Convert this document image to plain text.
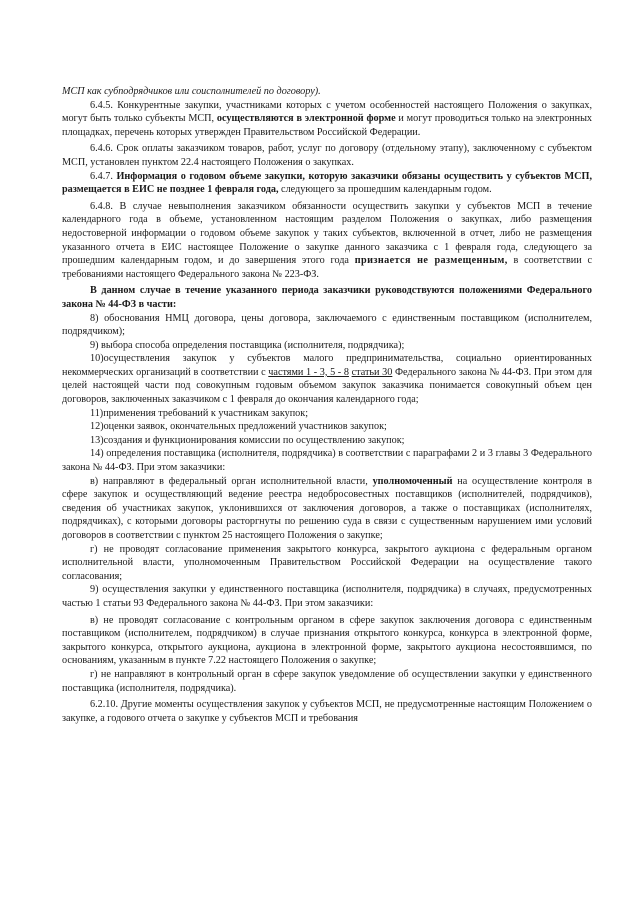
МСП как субподрядчиков или соисполнителей по договору).

6.4.5. Конкурентные закупки, участниками которых с учетом особенностей настоящего Положения о закупках, могут быть только субъекты МСП, осуществляются в электронной форме и могут проводиться только на электронных площадках, перечень которых утвержден Правительством Российской Федерации.

6.4.6. Срок оплаты заказчиком товаров, работ, услуг по договору (отдельному этапу), заключенному с субъектом МСП, установлен пунктом 22.4 настоящего Положения о закупках.

6.4.7. Информация о годовом объеме закупки, которую заказчики обязаны осуществить у субъектов МСП, размещается в ЕИС не позднее 1 февраля года, следующего за прошедшим календарным годом.

6.4.8. В случае невыполнения заказчиком обязанности осуществить закупки у субъектов МСП в течение календарного года в объеме, установленном настоящим разделом Положения о закупках, либо размещения недостоверной информации о годовом объеме закупок у таких субъектов, включенной в отчет, либо не размещения указанного отчета в ЕИС настоящее Положение о закупке данного заказчика с 1 февраля года, следующего за прошедшим календарным годом, и до завершения этого года признается не размещенным, в соответствии с требованиями настоящего Федерального закона № 223-ФЗ.

В данном случае в течение указанного периода заказчики руководствуются положениями Федерального закона № 44-ФЗ в части:

8) обоснования НМЦ договора, цены договора, заключаемого с единственным поставщиком (исполнителем, подрядчиком);

9) выбора способа определения поставщика (исполнителя, подрядчика);

10)осуществления закупок у субъектов малого предпринимательства, социально ориентированных некоммерческих организаций в соответствии с частями 1 - 3, 5 - 8 статьи 30 Федерального закона № 44-ФЗ. При этом для целей настоящей части под совокупным годовым объемом закупок заказчика понимается совокупный объем цен договоров, заключенных заказчиком с 1 февраля до окончания календарного года;

11)применения требований к участникам закупок;

12)оценки заявок, окончательных предложений участников закупок;

13)создания и функционирования комиссии по осуществлению закупок;

14) определения поставщика (исполнителя, подрядчика) в соответствии с параграфами 2 и 3 главы 3 Федерального закона № 44-ФЗ. При этом заказчики:

в) направляют в федеральный орган исполнительной власти, уполномоченный на осуществление контроля в сфере закупок и осуществляющий ведение реестра недобросовестных поставщиков (исполнителей, подрядчиков), сведения об участниках закупок, уклонившихся от заключения договоров, а также о поставщиках (исполнителях, подрядчиках), с которыми договоры расторгнуты по решению суда в связи с существенным нарушением ими условий договоров в соответствии с пунктом 25 настоящего Положения о закупке;

г) не проводят согласование применения закрытого конкурса, закрытого аукциона с федеральным органом исполнительной власти, уполномоченным Правительством Российской Федерации на осуществление такого согласования;

9) осуществления закупки у единственного поставщика (исполнителя, подрядчика) в случаях, предусмотренных частью 1 статьи 93 Федерального закона № 44-ФЗ. При этом заказчики:

в) не проводят согласование с контрольным органом в сфере закупок заключения договора с единственным поставщиком (исполнителем, подрядчиком) в случае признания открытого конкурса, конкурса в электронной форме, закрытого конкурса, открытого аукциона, аукциона в электронной форме, закрытого аукциона несостоявшимся, по основаниям, указанным в пункте 7.22 настоящего Положения о закупке;

г) не направляют в контрольный орган в сфере закупок уведомление об осуществлении закупки у единственного поставщика (исполнителя, подрядчика).

6.2.10. Другие моменты осуществления закупок у субъектов МСП, не предусмотренные настоящим Положением о закупке, а годового отчета о закупке у субъектов МСП и требования
